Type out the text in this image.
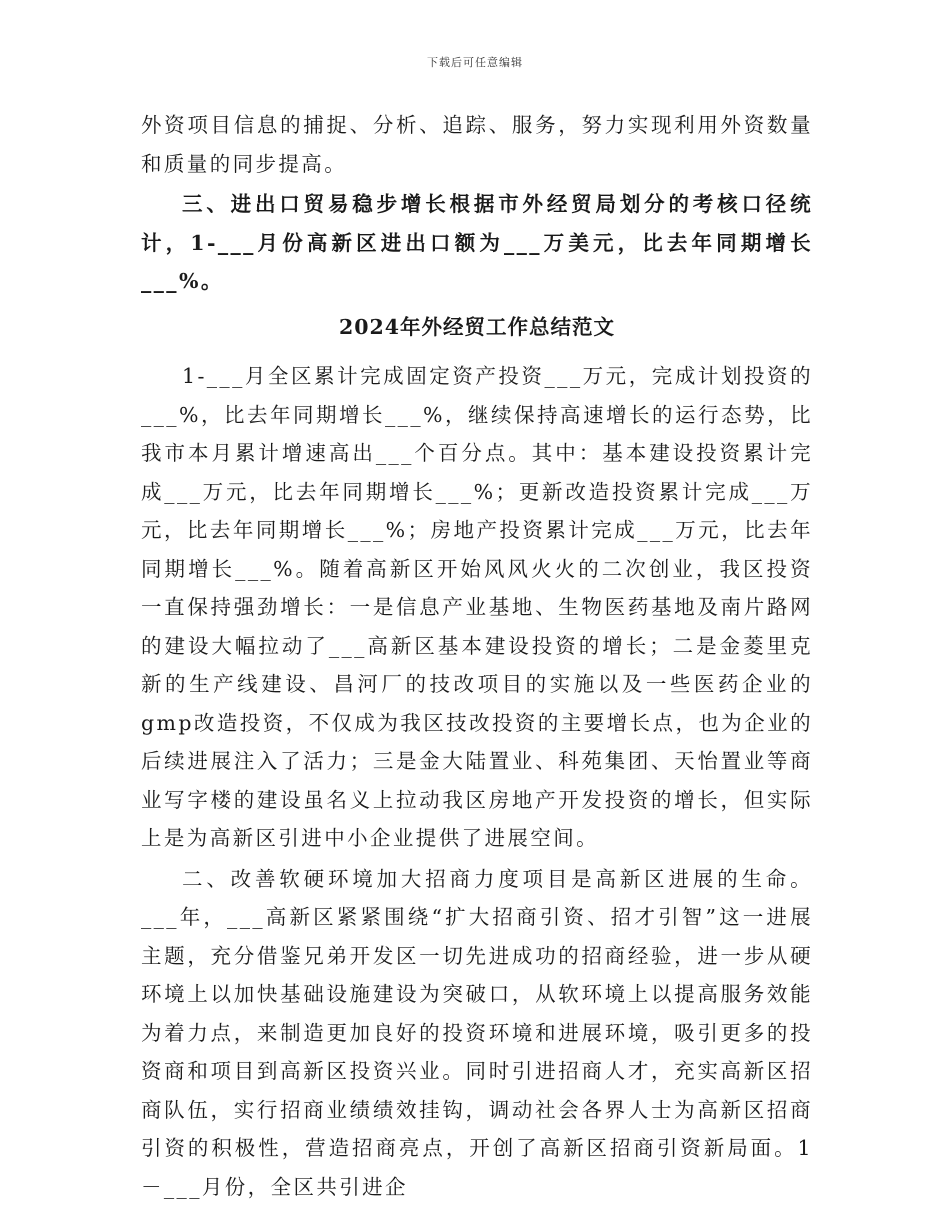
下载后可任意编辑

外资项目信息的捕捉、分析、追踪、服务，努力实现利用外资数量和质量的同步提高。

三、进出口贸易稳步增长根据市外经贸局划分的考核口径统计，1-___月份高新区进出口额为___万美元，比去年同期增长___%。

2024年外经贸工作总结范文

1-___月全区累计完成固定资产投资___万元，完成计划投资的___%，比去年同期增长___%，继续保持高速增长的运行态势，比我市本月累计增速高出___个百分点。其中：基本建设投资累计完成___万元，比去年同期增长___%；更新改造投资累计完成___万元，比去年同期增长___%；房地产投资累计完成___万元，比去年同期增长___%。随着高新区开始风风火火的二次创业，我区投资一直保持强劲增长：一是信息产业基地、生物医药基地及南片路网的建设大幅拉动了___高新区基本建设投资的增长；二是金菱里克新的生产线建设、昌河厂的技改项目的实施以及一些医药企业的gmp改造投资，不仅成为我区技改投资的主要增长点，也为企业的后续进展注入了活力；三是金大陆置业、科苑集团、天怡置业等商业写字楼的建设虽名义上拉动我区房地产开发投资的增长，但实际上是为高新区引进中小企业提供了进展空间。

二、改善软硬环境加大招商力度项目是高新区进展的生命。___年，___高新区紧紧围绕“扩大招商引资、招才引智”这一进展主题，充分借鉴兄弟开发区一切先进成功的招商经验，进一步从硬环境上以加快基础设施建设为突破口，从软环境上以提高服务效能为着力点，来制造更加良好的投资环境和进展环境，吸引更多的投资商和项目到高新区投资兴业。同时引进招商人才，充实高新区招商队伍，实行招商业绩绩效挂钩，调动社会各界人士为高新区招商引资的积极性，营造招商亮点，开创了高新区招商引资新局面。1－___月份，全区共引进企
